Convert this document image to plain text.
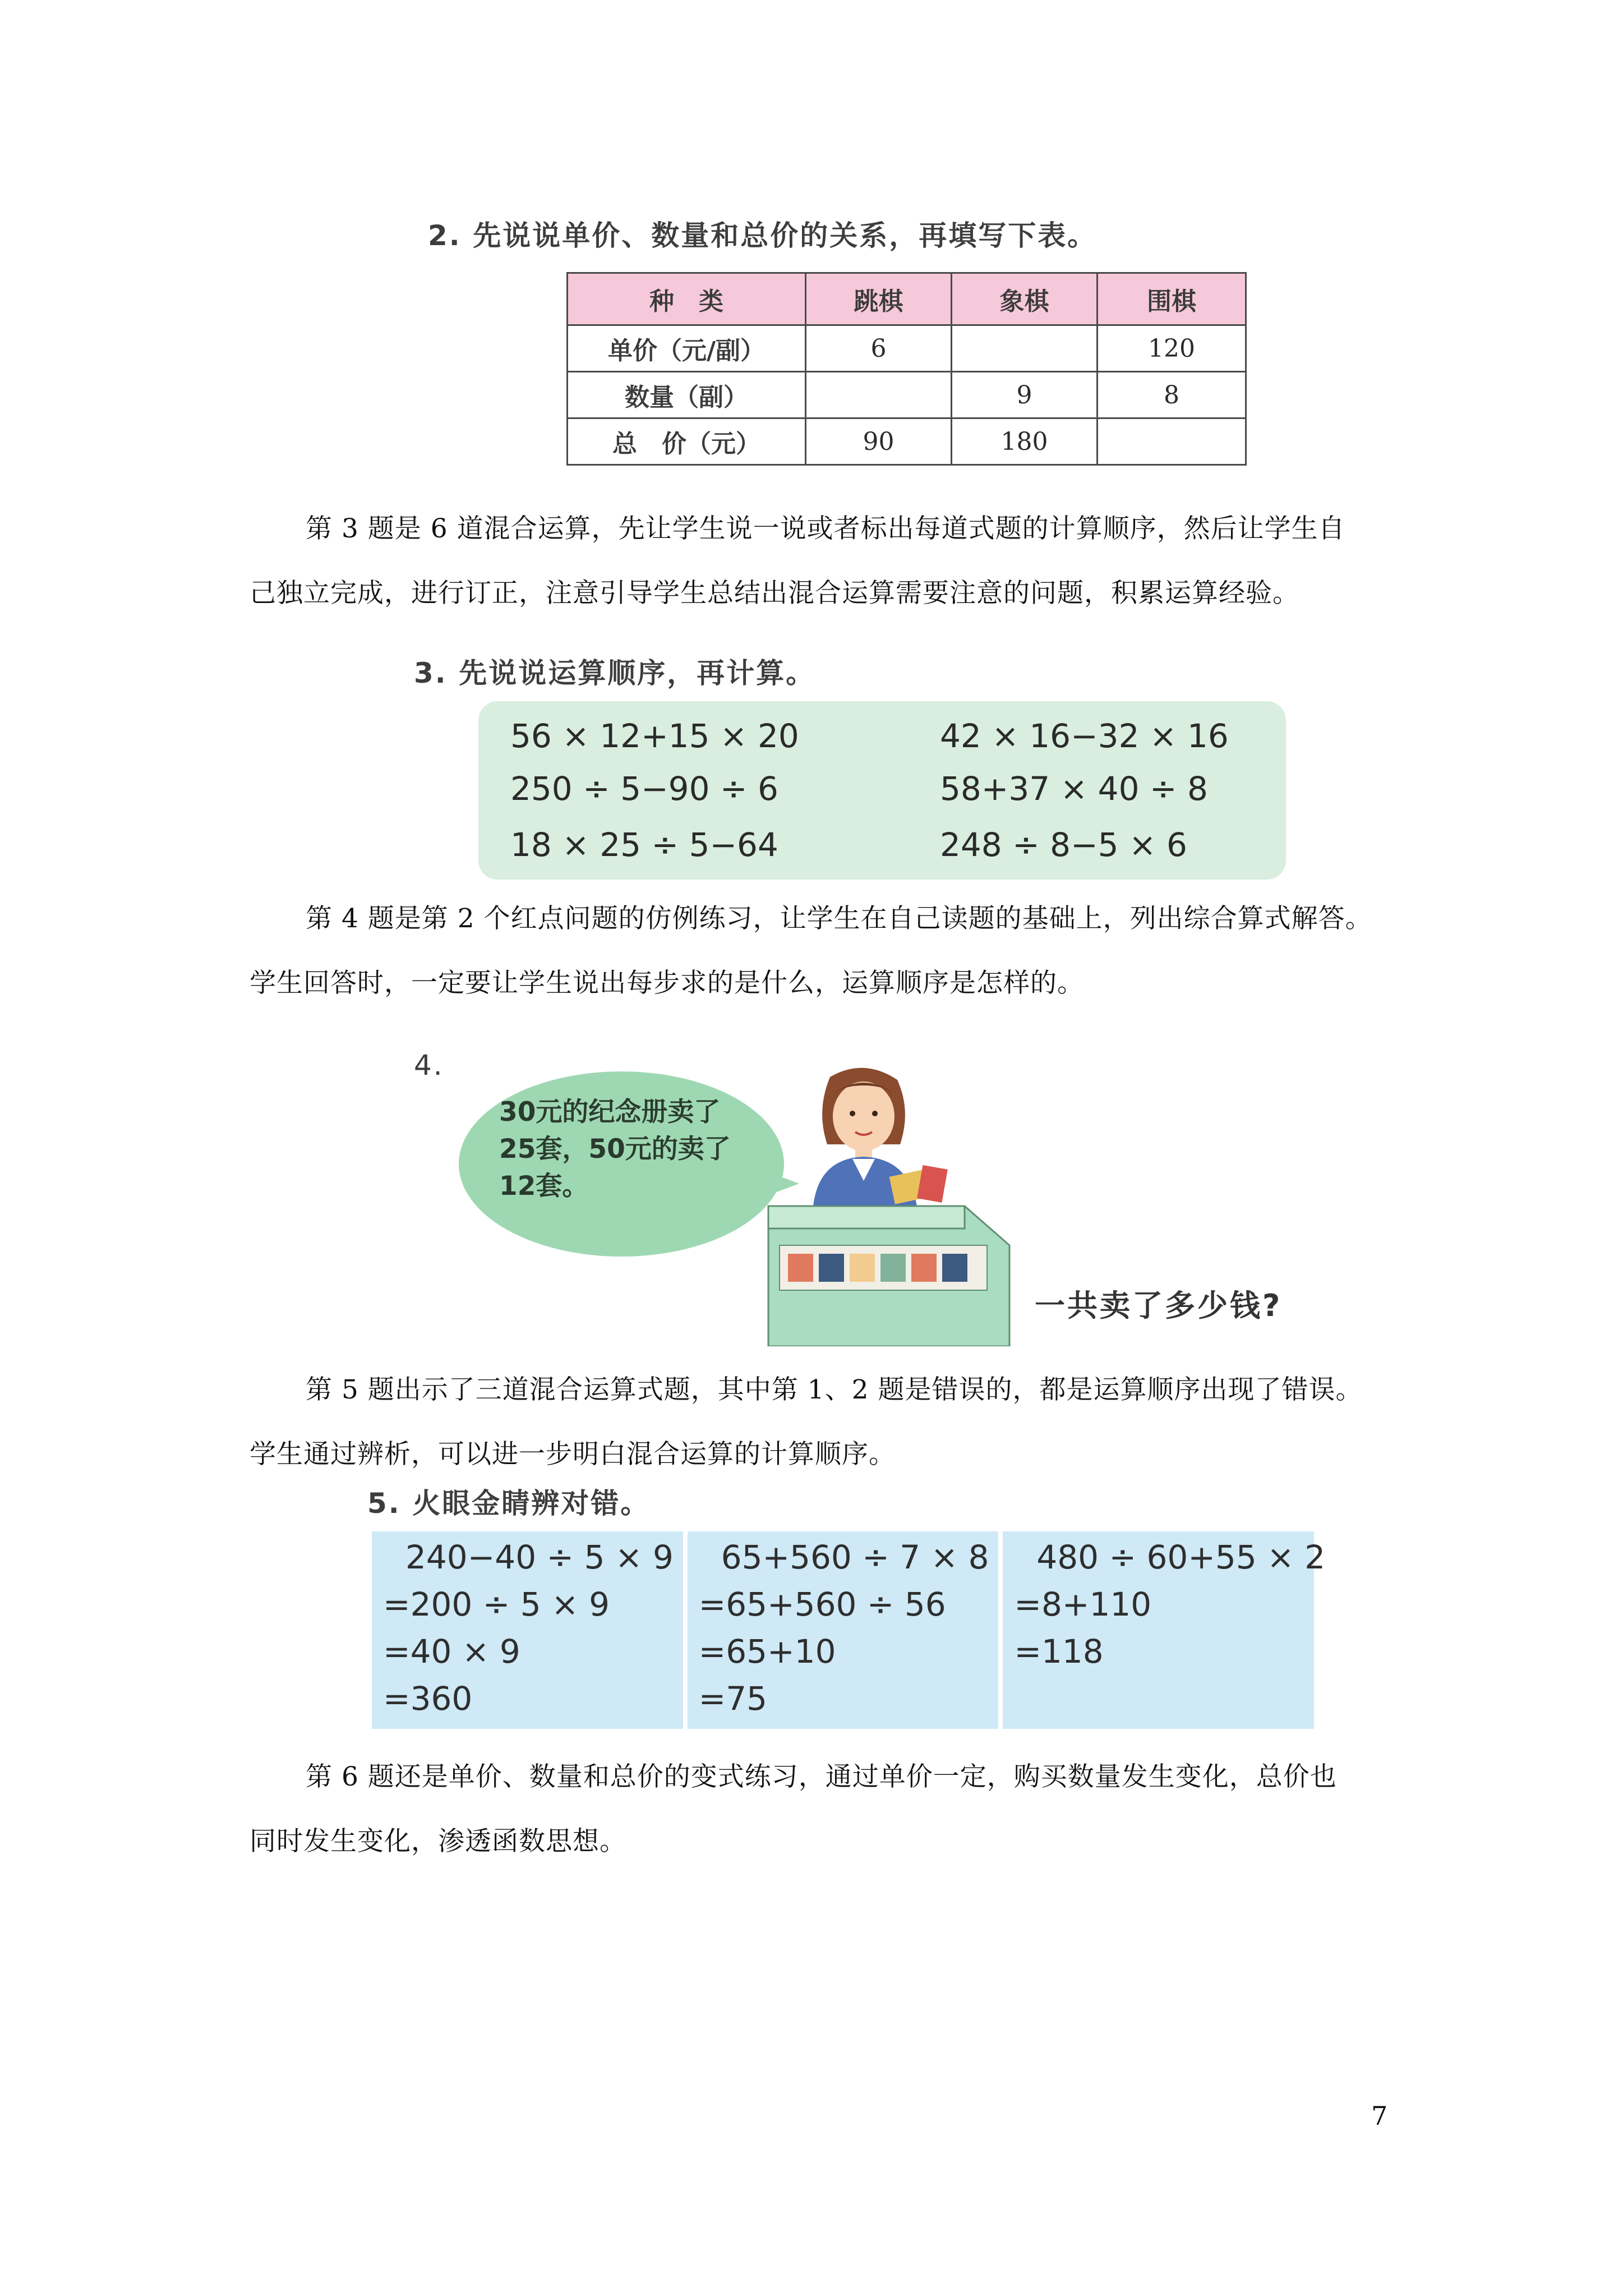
2. 先说说单价、数量和总价的关系，再填写下表。
种　类	跳棋	象棋	围棋
单价（元/副）	6		120
数量（副）		9	8
总　价（元）	90	180	

第 3 题是 6 道混合运算，先让学生说一说或者标出每道式题的计算顺序，然后让学生自

己独立完成，进行订正，注意引导学生总结出混合运算需要注意的问题，积累运算经验。

3. 先说说运算顺序，再计算。
56 × 12+15 × 20	42 × 16−32 × 16
250 ÷ 5−90 ÷ 6	58+37 × 40 ÷ 8
18 × 25 ÷ 5−64	248 ÷ 8−5 × 6

第 4 题是第 2 个红点问题的仿例练习，让学生在自己读题的基础上，列出综合算式解答。

学生回答时，一定要让学生说出每步求的是什么，运算顺序是怎样的。

4.
30元的纪念册卖了
25套，50元的卖了
12套。
一共卖了多少钱?

第 5 题出示了三道混合运算式题，其中第 1、2 题是错误的，都是运算顺序出现了错误。

学生通过辨析，可以进一步明白混合运算的计算顺序。

5. 火眼金睛辨对错。
240−40 ÷ 5 × 9
=200 ÷ 5 × 9
=40 × 9
=360
65+560 ÷ 7 × 8
=65+560 ÷ 56
=65+10
=75
480 ÷ 60+55 × 2
=8+110
=118

第 6 题还是单价、数量和总价的变式练习，通过单价一定，购买数量发生变化，总价也

同时发生变化，渗透函数思想。

7
